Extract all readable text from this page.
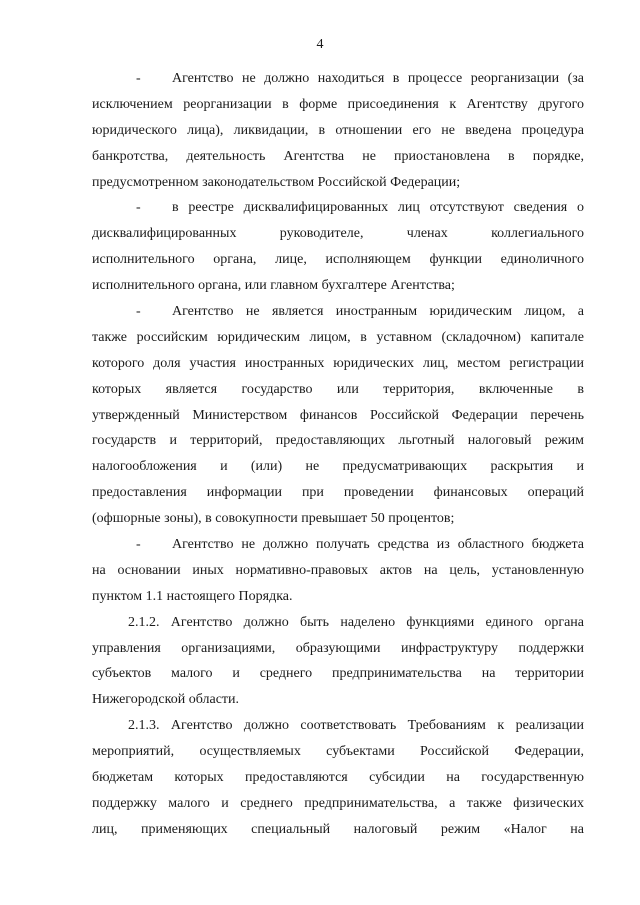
4
- Агентство не должно находиться в процессе реорганизации (за
исключением реорганизации в форме присоединения к Агентству другого
юридического лица), ликвидации, в отношении его не введена процедура
банкротства, деятельность Агентства не приостановлена в порядке,
предусмотренном законодательством Российской Федерации;
- в реестре дисквалифицированных лиц отсутствуют сведения о
дисквалифицированных руководителе, членах коллегиального
исполнительного органа, лице, исполняющем функции единоличного
исполнительного органа, или главном бухгалтере Агентства;
- Агентство не является иностранным юридическим лицом, а
также российским юридическим лицом, в уставном (складочном) капитале
которого доля участия иностранных юридических лиц, местом регистрации
которых является государство или территория, включенные в
утвержденный Министерством финансов Российской Федерации перечень
государств и территорий, предоставляющих льготный налоговый режим
налогообложения и (или) не предусматривающих раскрытия и
предоставления информации при проведении финансовых операций
(офшорные зоны), в совокупности превышает 50 процентов;
- Агентство не должно получать средства из областного бюджета
на основании иных нормативно-правовых актов на цель, установленную
пунктом 1.1 настоящего Порядка.
2.1.2. Агентство должно быть наделено функциями единого органа
управления организациями, образующими инфраструктуру поддержки
субъектов малого и среднего предпринимательства на территории
Нижегородской области.
2.1.3. Агентство должно соответствовать Требованиям к реализации
мероприятий, осуществляемых субъектами Российской Федерации,
бюджетам которых предоставляются субсидии на государственную
поддержку малого и среднего предпринимательства, а также физических
лиц, применяющих специальный налоговый режим «Налог на
